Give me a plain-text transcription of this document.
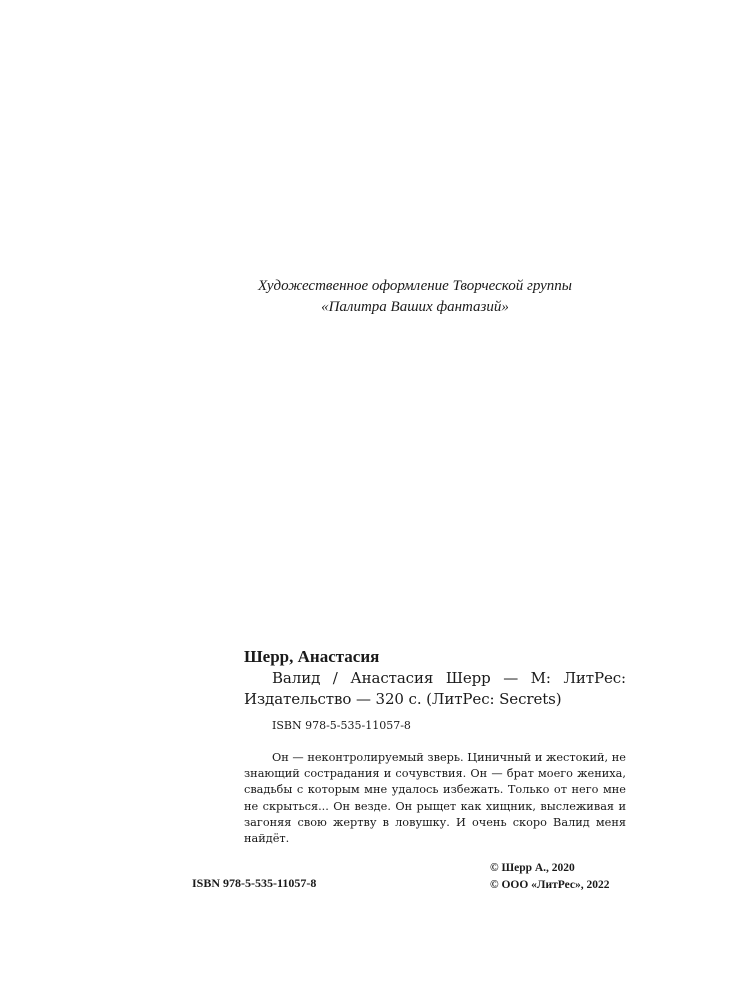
Художественное оформление Творческой группы
«Палитра Ваших фантазий»

Шерр, Анастасия

Валид / Анастасия Шерр — М: ЛитРес: Издательство — 320 с. (ЛитРес: Secrets)

ISBN 978-5-535-11057-8

Он — неконтролируемый зверь. Циничный и жестокий, не знающий сострадания и сочувствия. Он — брат моего жениха, свадьбы с которым мне удалось избежать. Только от него мне не скрыться... Он везде. Он рыщет как хищник, выслеживая и загоняя свою жертву в ловушку. И очень скоро Валид меня найдёт.

ISBN 978-5-535-11057-8
© Шерр А., 2020
© ООО «ЛитРес», 2022
